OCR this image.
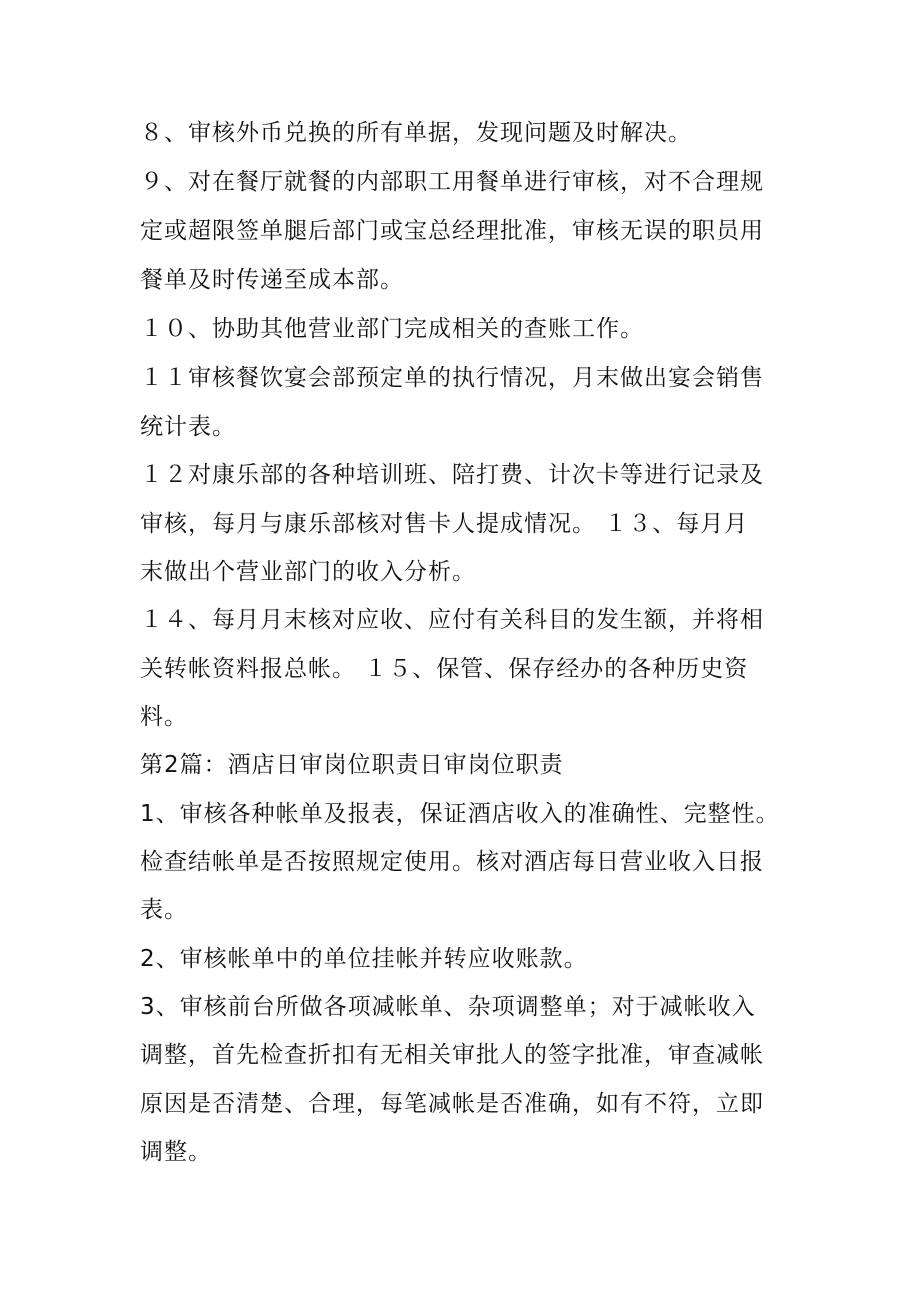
８、审核外币兑换的所有单据，发现问题及时解决。
９、对在餐厅就餐的内部职工用餐单进行审核，对不合理规
定或超限签单腿后部门或宝总经理批准，审核无误的职员用
餐单及时传递至成本部。
１０、协助其他营业部门完成相关的查账工作。
１１审核餐饮宴会部预定单的执行情况，月末做出宴会销售
统计表。
１２对康乐部的各种培训班、陪打费、计次卡等进行记录及
审核，每月与康乐部核对售卡人提成情况。 １３、每月月
末做出个营业部门的收入分析。
１４、每月月末核对应收、应付有关科目的发生额，并将相
关转帐资料报总帐。 １５、保管、保存经办的各种历史资
料。
第2篇：酒店日审岗位职责日审岗位职责
1、审核各种帐单及报表，保证酒店收入的准确性、完整性。
检查结帐单是否按照规定使用。核对酒店每日营业收入日报
表。
2、审核帐单中的单位挂帐并转应收账款。
3、审核前台所做各项减帐单、杂项调整单；对于减帐收入
调整，首先检查折扣有无相关审批人的签字批准，审查减帐
原因是否清楚、合理，每笔减帐是否准确，如有不符，立即
调整。
